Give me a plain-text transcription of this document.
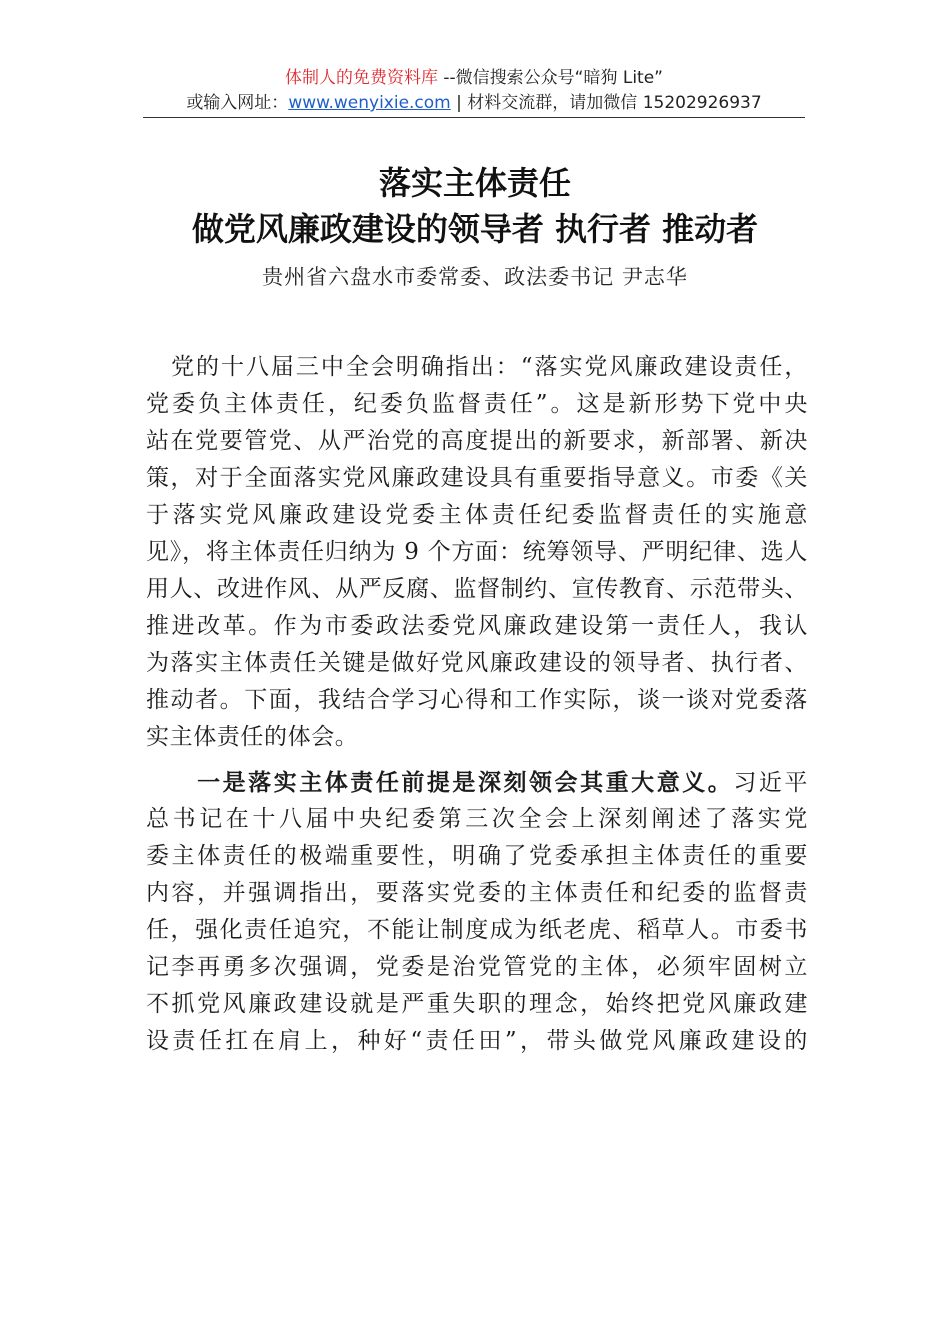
体制人的免费资料库 --微信搜索公众号“暗狗 Lite”
或输入网址：www.wenyixie.com | 材料交流群，请加微信 15202926937
落实主体责任
做党风廉政建设的领导者 执行者 推动者
贵州省六盘水市委常委、政法委书记 尹志华
　党的十八届三中全会明确指出：“落实党风廉政建设责任，
党委负主体责任，纪委负监督责任”。这是新形势下党中央
站在党要管党、从严治党的高度提出的新要求，新部署、新决
策，对于全面落实党风廉政建设具有重要指导意义。市委《关
于落实党风廉政建设党委主体责任纪委监督责任的实施意
见》，将主体责任归纳为 9 个方面：统筹领导、严明纪律、选人
用人、改进作风、从严反腐、监督制约、宣传教育、示范带头、
推进改革。作为市委政法委党风廉政建设第一责任人，我认
为落实主体责任关键是做好党风廉政建设的领导者、执行者、
推动者。下面，我结合学习心得和工作实际，谈一谈对党委落
实主体责任的体会。
　　一是落实主体责任前提是深刻领会其重大意义。习近平
总书记在十八届中央纪委第三次全会上深刻阐述了落实党
委主体责任的极端重要性，明确了党委承担主体责任的重要
内容，并强调指出，要落实党委的主体责任和纪委的监督责
任，强化责任追究，不能让制度成为纸老虎、稻草人。市委书
记李再勇多次强调，党委是治党管党的主体，必须牢固树立
不抓党风廉政建设就是严重失职的理念，始终把党风廉政建
设责任扛在肩上，种好“责任田”，带头做党风廉政建设的
